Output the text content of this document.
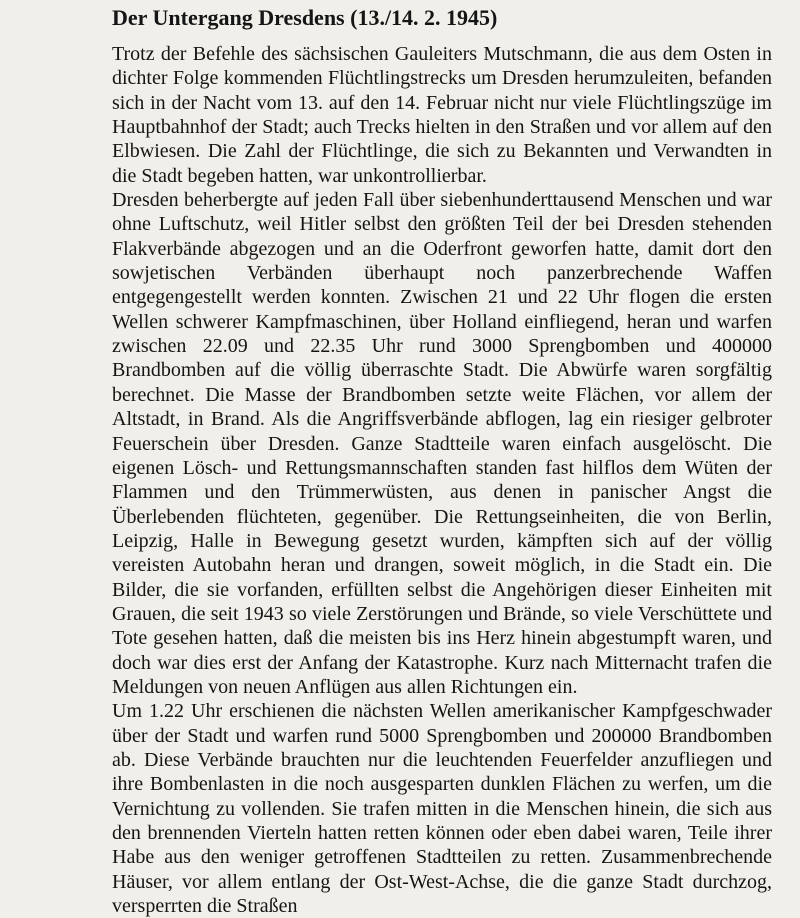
Der Untergang Dresdens (13./14. 2. 1945)

Trotz der Befehle des sächsischen Gauleiters Mutschmann, die aus dem Osten in dichter Folge kommenden Flüchtlingstrecks um Dresden herumzuleiten, befanden sich in der Nacht vom 13. auf den 14. Februar nicht nur viele Flüchtlingszüge im Hauptbahnhof der Stadt; auch Trecks hielten in den Straßen und vor allem auf den Elbwiesen. Die Zahl der Flüchtlinge, die sich zu Bekannten und Verwandten in die Stadt begeben hatten, war unkontrollierbar.

Dresden beherbergte auf jeden Fall über siebenhunderttausend Menschen und war ohne Luftschutz, weil Hitler selbst den größten Teil der bei Dresden stehenden Flakverbände abgezogen und an die Oderfront geworfen hatte, damit dort den sowjetischen Verbänden überhaupt noch panzerbrechende Waffen entgegengestellt werden konnten. Zwischen 21 und 22 Uhr flogen die ersten Wellen schwerer Kampfmaschinen, über Holland einfliegend, heran und warfen zwischen 22.09 und 22.35 Uhr rund 3000 Sprengbomben und 400000 Brandbomben auf die völlig überraschte Stadt. Die Abwürfe waren sorgfältig berechnet. Die Masse der Brandbomben setzte weite Flächen, vor allem der Altstadt, in Brand. Als die Angriffsverbände abflogen, lag ein riesiger gelbroter Feuerschein über Dresden. Ganze Stadtteile waren einfach ausgelöscht. Die eigenen Lösch- und Rettungsmannschaften standen fast hilflos dem Wüten der Flammen und den Trümmerwüsten, aus denen in panischer Angst die Überlebenden flüchteten, gegenüber. Die Rettungseinheiten, die von Berlin, Leipzig, Halle in Bewegung gesetzt wurden, kämpften sich auf der völlig vereisten Autobahn heran und drangen, soweit möglich, in die Stadt ein. Die Bilder, die sie vorfanden, erfüllten selbst die Angehörigen dieser Einheiten mit Grauen, die seit 1943 so viele Zerstörungen und Brände, so viele Verschüttete und Tote gesehen hatten, daß die meisten bis ins Herz hinein abgestumpft waren, und doch war dies erst der Anfang der Katastrophe. Kurz nach Mitternacht trafen die Meldungen von neuen Anflügen aus allen Richtungen ein.

Um 1.22 Uhr erschienen die nächsten Wellen amerikanischer Kampfgeschwader über der Stadt und warfen rund 5000 Sprengbomben und 200000 Brandbomben ab. Diese Verbände brauchten nur die leuchtenden Feuerfelder anzufliegen und ihre Bombenlasten in die noch ausgesparten dunklen Flächen zu werfen, um die Vernichtung zu vollenden. Sie trafen mitten in die Menschen hinein, die sich aus den brennenden Vierteln hatten retten können oder eben dabei waren, Teile ihrer Habe aus den weniger getroffenen Stadtteilen zu retten. Zusammenbrechende Häuser, vor allem entlang der Ost-West-Achse, die die ganze Stadt durchzog, versperrten die Straßen
